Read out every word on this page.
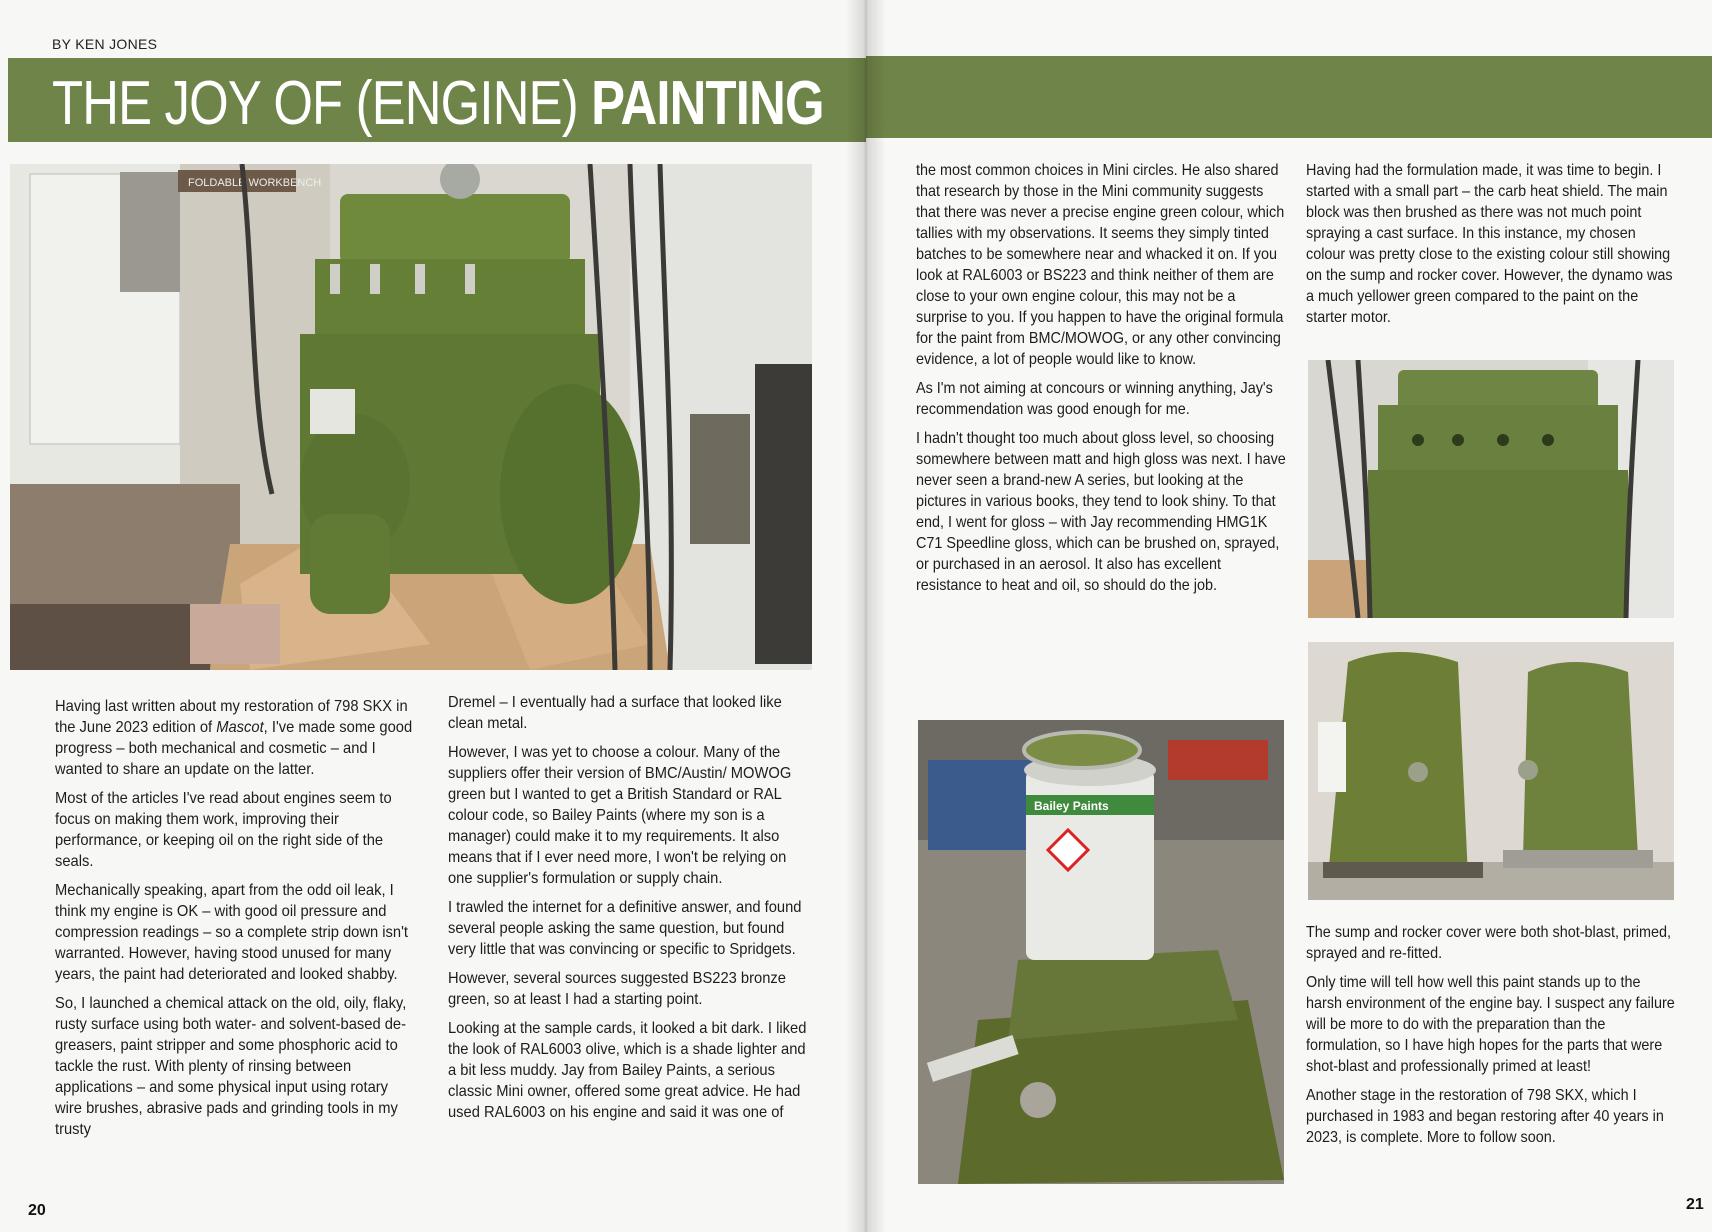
BY KEN JONES
THE JOY OF (ENGINE) PAINTING
FOLDABLE WORKBENCH

Having last written about my restoration of 798 SKX in the June 2023 edition of Mascot, I've made some good progress – both mechanical and cosmetic – and I wanted to share an update on the latter.

Most of the articles I've read about engines seem to focus on making them work, improving their performance, or keeping oil on the right side of the seals.

Mechanically speaking, apart from the odd oil leak, I think my engine is OK – with good oil pressure and compression readings – so a complete strip down isn't warranted. However, having stood unused for many years, the paint had deteriorated and looked shabby.

So, I launched a chemical attack on the old, oily, flaky, rusty surface using both water- and solvent-based de-greasers, paint stripper and some phosphoric acid to tackle the rust. With plenty of rinsing between applications – and some physical input using rotary wire brushes, abrasive pads and grinding tools in my trusty

Dremel – I eventually had a surface that looked like clean metal.

However, I was yet to choose a colour. Many of the suppliers offer their version of BMC/Austin/ MOWOG green but I wanted to get a British Standard or RAL colour code, so Bailey Paints (where my son is a manager) could make it to my requirements. It also means that if I ever need more, I won't be relying on one supplier's formulation or supply chain.

I trawled the internet for a definitive answer, and found several people asking the same question, but found very little that was convincing or specific to Spridgets.

However, several sources suggested BS223 bronze green, so at least I had a starting point.

Looking at the sample cards, it looked a bit dark. I liked the look of RAL6003 olive, which is a shade lighter and a bit less muddy. Jay from Bailey Paints, a serious classic Mini owner, offered some great advice. He had used RAL6003 on his engine and said it was one of

20

the most common choices in Mini circles. He also shared that research by those in the Mini community suggests that there was never a precise engine green colour, which tallies with my observations. It seems they simply tinted batches to be somewhere near and whacked it on. If you look at RAL6003 or BS223 and think neither of them are close to your own engine colour, this may not be a surprise to you. If you happen to have the original formula for the paint from BMC/MOWOG, or any other convincing evidence, a lot of people would like to know.

As I'm not aiming at concours or winning anything, Jay's recommendation was good enough for me.

I hadn't thought too much about gloss level, so choosing somewhere between matt and high gloss was next. I have never seen a brand-new A series, but looking at the pictures in various books, they tend to look shiny. To that end, I went for gloss – with Jay recommending HMG1K C71 Speedline gloss, which can be brushed on, sprayed, or purchased in an aerosol. It also has excellent resistance to heat and oil, so should do the job.

Bailey Paints

Having had the formulation made, it was time to begin. I started with a small part – the carb heat shield. The main block was then brushed as there was not much point spraying a cast surface. In this instance, my chosen colour was pretty close to the existing colour still showing on the sump and rocker cover. However, the dynamo was a much yellower green compared to the paint on the starter motor.

The sump and rocker cover were both shot-blast, primed, sprayed and re-fitted.

Only time will tell how well this paint stands up to the harsh environment of the engine bay. I suspect any failure will be more to do with the preparation than the formulation, so I have high hopes for the parts that were shot-blast and professionally primed at least!

Another stage in the restoration of 798 SKX, which I purchased in 1983 and began restoring after 40 years in 2023, is complete. More to follow soon.

21
